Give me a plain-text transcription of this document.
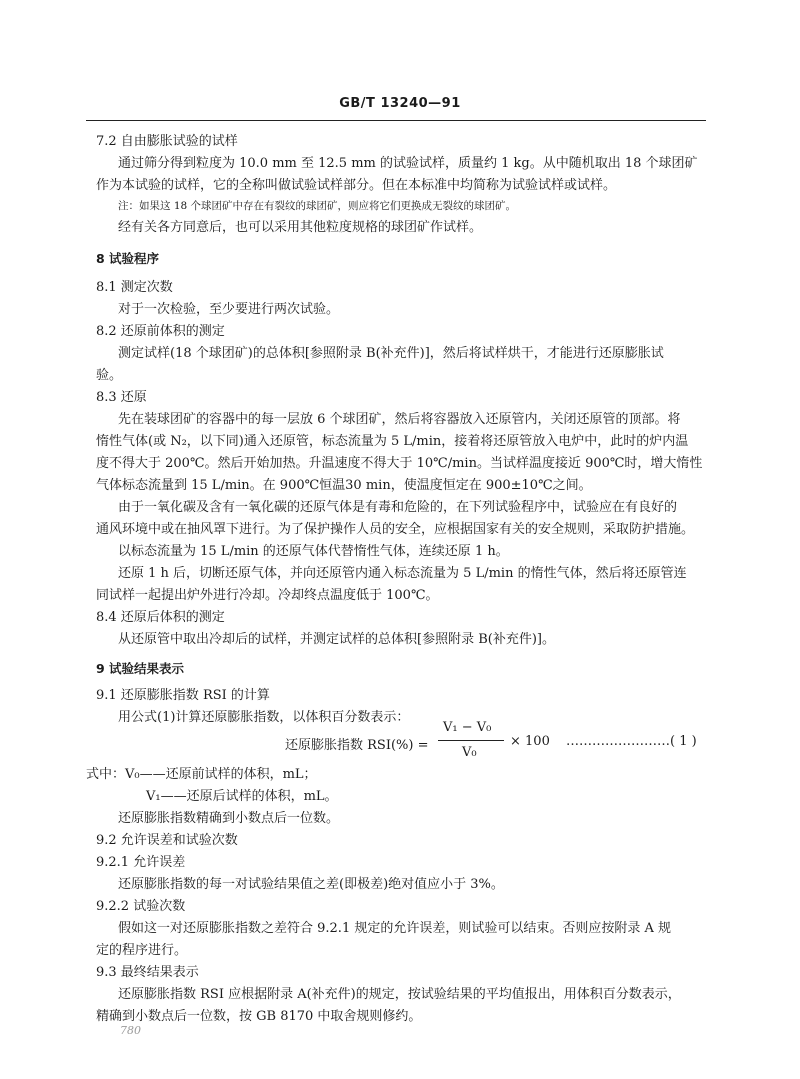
GB/T 13240—91
7.2 自由膨胀试验的试样
通过筛分得到粒度为 10.0 mm 至 12.5 mm 的试验试样，质量约 1 kg。从中随机取出 18 个球团矿
作为本试验的试样，它的全称叫做试验试样部分。但在本标准中均简称为试验试样或试样。
注：如果这 18 个球团矿中存在有裂纹的球团矿，则应将它们更换成无裂纹的球团矿。
经有关各方同意后，也可以采用其他粒度规格的球团矿作试样。
8 试验程序
8.1 测定次数
对于一次检验，至少要进行两次试验。
8.2 还原前体积的测定
测定试样(18 个球团矿)的总体积[参照附录 B(补充件)]，然后将试样烘干，才能进行还原膨胀试
验。
8.3 还原
先在装球团矿的容器中的每一层放 6 个球团矿，然后将容器放入还原管内，关闭还原管的顶部。将
惰性气体(或 N₂，以下同)通入还原管，标态流量为 5 L/min，接着将还原管放入电炉中，此时的炉内温
度不得大于 200℃。然后开始加热。升温速度不得大于 10℃/min。当试样温度接近 900℃时，增大惰性
气体标态流量到 15 L/min。在 900℃恒温30 min，使温度恒定在 900±10℃之间。
由于一氧化碳及含有一氧化碳的还原气体是有毒和危险的，在下列试验程序中，试验应在有良好的
通风环境中或在抽风罩下进行。为了保护操作人员的安全，应根据国家有关的安全规则，采取防护措施。
以标态流量为 15 L/min 的还原气体代替惰性气体，连续还原 1 h。
还原 1 h 后，切断还原气体，并向还原管内通入标态流量为 5 L/min 的惰性气体，然后将还原管连
同试样一起提出炉外进行冷却。冷却终点温度低于 100℃。
8.4 还原后体积的测定
从还原管中取出冷却后的试样，并测定试样的总体积[参照附录 B(补充件)]。
9 试验结果表示
9.1 还原膨胀指数 RSI 的计算
用公式(1)计算还原膨胀指数，以体积百分数表示：
还原膨胀指数 RSI(%) =
V₁ − V₀
V₀
× 100 ……………………( 1 )
式中：V₀——还原前试样的体积，mL；
V₁——还原后试样的体积，mL。
还原膨胀指数精确到小数点后一位数。
9.2 允许误差和试验次数
9.2.1 允许误差
还原膨胀指数的每一对试验结果值之差(即极差)绝对值应小于 3%。
9.2.2 试验次数
假如这一对还原膨胀指数之差符合 9.2.1 规定的允许误差，则试验可以结束。否则应按附录 A 规
定的程序进行。
9.3 最终结果表示
还原膨胀指数 RSI 应根据附录 A(补充件)的规定，按试验结果的平均值报出，用体积百分数表示，
精确到小数点后一位数，按 GB 8170 中取舍规则修约。
780
